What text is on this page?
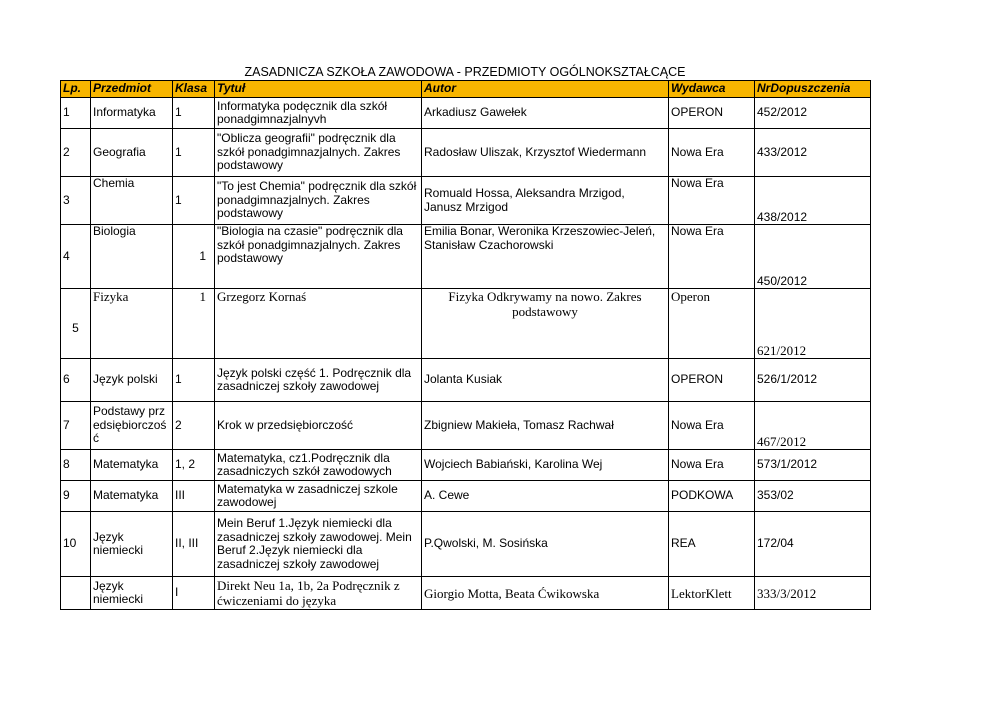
ZASADNICZA SZKOŁA ZAWODOWA - PRZEDMIOTY OGÓLNOKSZTAŁCĄCE
Lp.	Przedmiot	Klasa	Tytuł	Autor	Wydawca	NrDopuszczenia
1	Informatyka	1	Informatyka podęcznik dla szkół ponadgimnazjalnyvh	Arkadiusz Gawełek	OPERON	452/2012
2	Geografia	1	"Oblicza geografii" podręcznik dla szkół ponadgimnazjalnych. Zakres podstawowy	Radosław Uliszak, Krzysztof Wiedermann	Nowa Era	433/2012
3	Chemia	1	"To jest Chemia" podręcznik dla szkół ponadgimnazjalnych. Zakres podstawowy	Romuald Hossa, Aleksandra Mrzigod, Janusz Mrzigod	Nowa Era	438/2012
4	Biologia	1	"Biologia na czasie" podręcznik dla szkół ponadgimnazjalnych. Zakres podstawowy	Emilia Bonar, Weronika Krzeszowiec-Jeleń, Stanisław Czachorowski	Nowa Era	450/2012
5	Fizyka	1	Grzegorz Kornaś	Fizyka Odkrywamy na nowo. Zakres podstawowy	Operon	621/2012
6	Język polski	1	Język polski część 1. Podręcznik dla zasadniczej szkoły zawodowej	Jolanta Kusiak	OPERON	526/1/2012
7	Podstawy przedsiębiorczość	2	Krok w przedsiębiorczość	Zbigniew Makieła, Tomasz Rachwał	Nowa Era	467/2012
8	Matematyka	1, 2	Matematyka, cz1.Podręcznik dla zasadniczych szkół zawodowych	Wojciech Babiański, Karolina Wej	Nowa Era	573/1/2012
9	Matematyka	III	Matematyka w zasadniczej szkole zawodowej	A. Cewe	PODKOWA	353/02
10	Język niemiecki	II, III	Mein Beruf 1.Język niemiecki dla zasadniczej szkoły zawodowej. Mein Beruf 2.Język niemiecki dla zasadniczej szkoły zawodowej	P.Qwolski, M. Sosińska	REA	172/04
	Język niemiecki	I	Direkt Neu 1a, 1b, 2a Podręcznik z ćwiczeniami do języka	Giorgio Motta, Beata Ćwikowska	LektorKlett	333/3/2012
